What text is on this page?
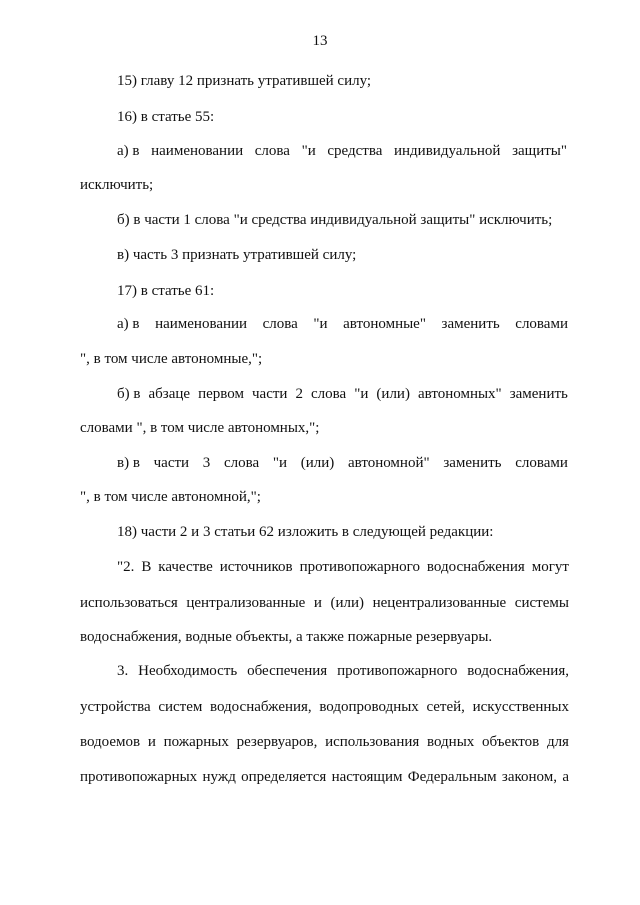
13
15) главу 12 признать утратившей силу;
16) в статье 55:
а) в наименовании слова "и средства индивидуальной защиты"
исключить;
б) в части 1 слова "и средства индивидуальной защиты" исключить;
в) часть 3 признать утратившей силу;
17) в статье 61:
а) в наименовании слова "и автономные" заменить словами
", в том числе автономные,";
б) в абзаце первом части 2 слова "и (или) автономных" заменить
словами ", в том числе автономных,";
в) в части 3 слова "и (или) автономной" заменить словами
", в том числе автономной,";
18) части 2 и 3 статьи 62 изложить в следующей редакции:
"2. В качестве источников противопожарного водоснабжения могут
использоваться централизованные и (или) нецентрализованные системы
водоснабжения, водные объекты, а также пожарные резервуары.
3. Необходимость обеспечения противопожарного водоснабжения,
устройства систем водоснабжения, водопроводных сетей, искусственных
водоемов и пожарных резервуаров, использования водных объектов для
противопожарных нужд определяется настоящим Федеральным законом, а
